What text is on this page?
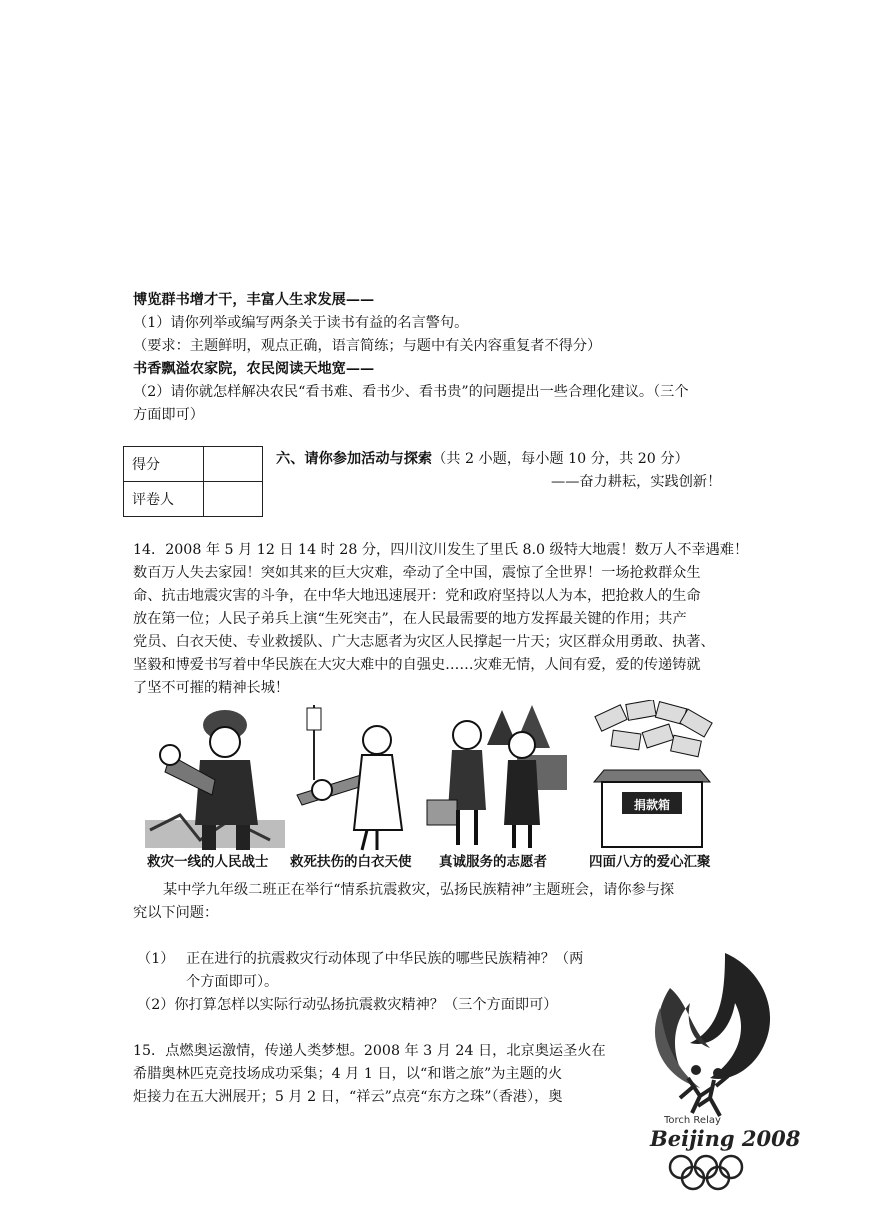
博览群书增才干，丰富人生求发展——
（1）请你列举或编写两条关于读书有益的名言警句。
（要求：主题鲜明，观点正确，语言简练；与题中有关内容重复者不得分）
书香飘溢农家院，农民阅读天地宽——
（2）请你就怎样解决农民“看书难、看书少、看书贵”的问题提出一些合理化建议。（三个
方面即可）
得分	
评卷人	
六、请你参加活动与探索（共 2 小题，每小题 10 分，共 20 分）
——奋力耕耘，实践创新！
14．2008 年 5 月 12 日 14 时 28 分，四川汶川发生了里氏 8.0 级特大地震！数万人不幸遇难！
数百万人失去家园！突如其来的巨大灾难，牵动了全中国，震惊了全世界！一场抢救群众生
命、抗击地震灾害的斗争，在中华大地迅速展开：党和政府坚持以人为本，把抢救人的生命
放在第一位；人民子弟兵上演“生死突击”，在人民最需要的地方发挥最关键的作用；共产
党员、白衣天使、专业救援队、广大志愿者为灾区人民撑起一片天；灾区群众用勇敢、执著、
坚毅和博爱书写着中华民族在大灾大难中的自强史……灾难无情，人间有爱，爱的传递铸就
了坚不可摧的精神长城！
救灾一线的人民战士 救死扶伤的白衣天使 真诚服务的志愿者
捐款箱
四面八方的爱心汇聚
某中学九年级二班正在举行“情系抗震救灾，弘扬民族精神”主题班会，请你参与探
究以下问题：
（1） 正在进行的抗震救灾行动体现了中华民族的哪些民族精神？（两
个方面即可）。
（2）你打算怎样以实际行动弘扬抗震救灾精神？（三个方面即可）
15．点燃奥运激情，传递人类梦想。2008 年 3 月 24 日，北京奥运圣火在
希腊奥林匹克竞技场成功采集；4 月 1 日，以“和谐之旅”为主题的火
炬接力在五大洲展开；5 月 2 日，“祥云”点亮“东方之珠”（香港），奥
Torch Relay
Beijing 2008
